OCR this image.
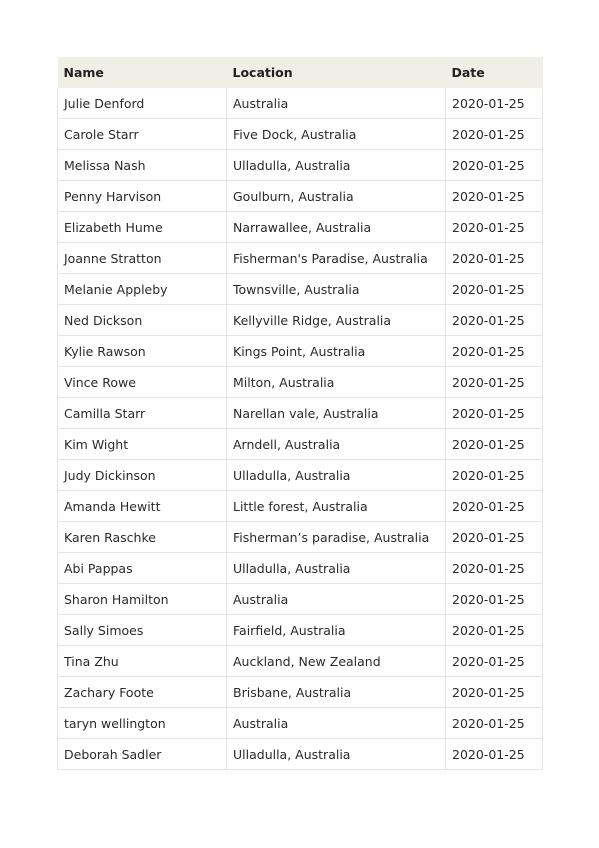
Name	Location	Date
Julie Denford	Australia	2020-01-25
Carole Starr	Five Dock, Australia	2020-01-25
Melissa Nash	Ulladulla, Australia	2020-01-25
Penny Harvison	Goulburn, Australia	2020-01-25
Elizabeth Hume	Narrawallee, Australia	2020-01-25
Joanne Stratton	Fisherman's Paradise, Australia	2020-01-25
Melanie Appleby	Townsville, Australia	2020-01-25
Ned Dickson	Kellyville Ridge, Australia	2020-01-25
Kylie Rawson	Kings Point, Australia	2020-01-25
Vince Rowe	Milton, Australia	2020-01-25
Camilla Starr	Narellan vale, Australia	2020-01-25
Kim Wight	Arndell, Australia	2020-01-25
Judy Dickinson	Ulladulla, Australia	2020-01-25
Amanda Hewitt	Little forest, Australia	2020-01-25
Karen Raschke	Fisherman’s paradise, Australia	2020-01-25
Abi Pappas	Ulladulla, Australia	2020-01-25
Sharon Hamilton	Australia	2020-01-25
Sally Simoes	Fairfield, Australia	2020-01-25
Tina Zhu	Auckland, New Zealand	2020-01-25
Zachary Foote	Brisbane, Australia	2020-01-25
taryn wellington	Australia	2020-01-25
Deborah Sadler	Ulladulla, Australia	2020-01-25
